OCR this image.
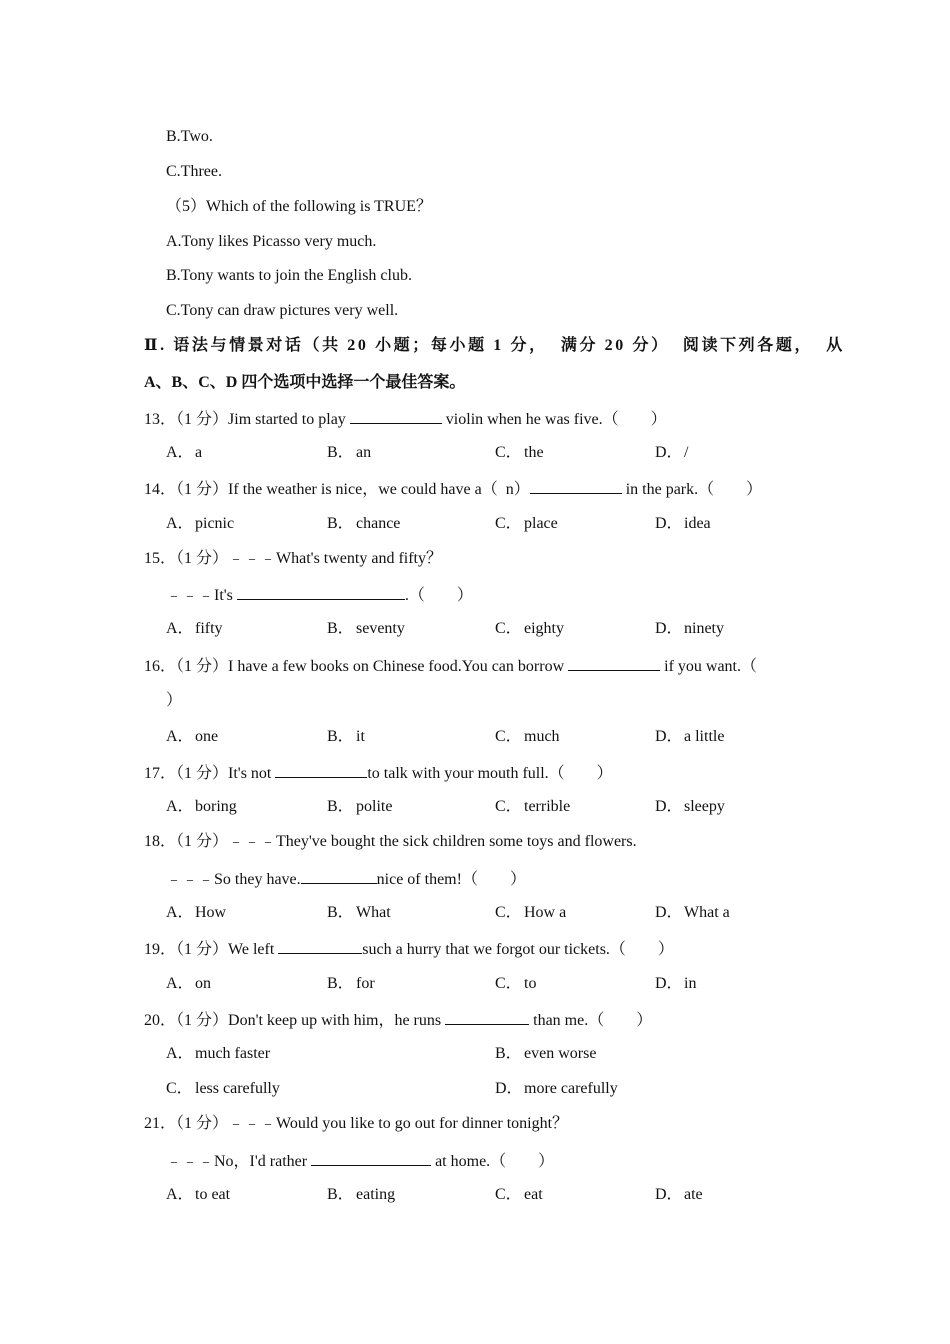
B.Two.
C.Three.
（5）Which of the following is TRUE？
A.Tony likes Picasso very much.
B.Tony wants to join the English club.
C.Tony can draw pictures very well.
Ⅱ. 语法与情景对话（共 20 小题；每小题 1 分，  满分 20 分）  阅读下列各题，  从
A、B、C、D 四个选项中选择一个最佳答案。
13．（1 分）Jim started to play	violin when he was five.（　　）
A．a	B． an	C． the	D．/
14．（1 分）If the weather is nice，we could have a（  n）	in the park.（　　）
A．picnic	B． chance	C． place	D．idea
15．（1 分）﹣﹣﹣What's twenty and fifty？
﹣﹣﹣It's	.（　　）
A．fifty	B． seventy	C． eighty	D．ninety
16．（1 分）I have a few books on Chinese food.You can borrow	if you want.（
）
A．one	B． it	C． much	D．a little
17．（1 分）It's not	to talk with your mouth full.（　　）
A．boring	B． polite	C． terrible	D．sleepy
18．（1 分）﹣﹣﹣They've bought the sick children some toys and flowers.
﹣﹣﹣So they have.	nice of them!（　　）
A．How	B． What	C． How a	D．What a
19．（1 分）We left	such a hurry that we forgot our tickets.（　　）
A．on	B． for	C． to	D．in
20．（1 分）Don't keep up with him，he runs	than me.（　　）
A．much faster	B． even worse
C． less carefully	D．more carefully
21．（1 分）﹣﹣﹣Would you like to go out for dinner tonight？
﹣﹣﹣No，I'd rather	at home.（　　）
A．to eat	B． eating	C． eat	D．ate
